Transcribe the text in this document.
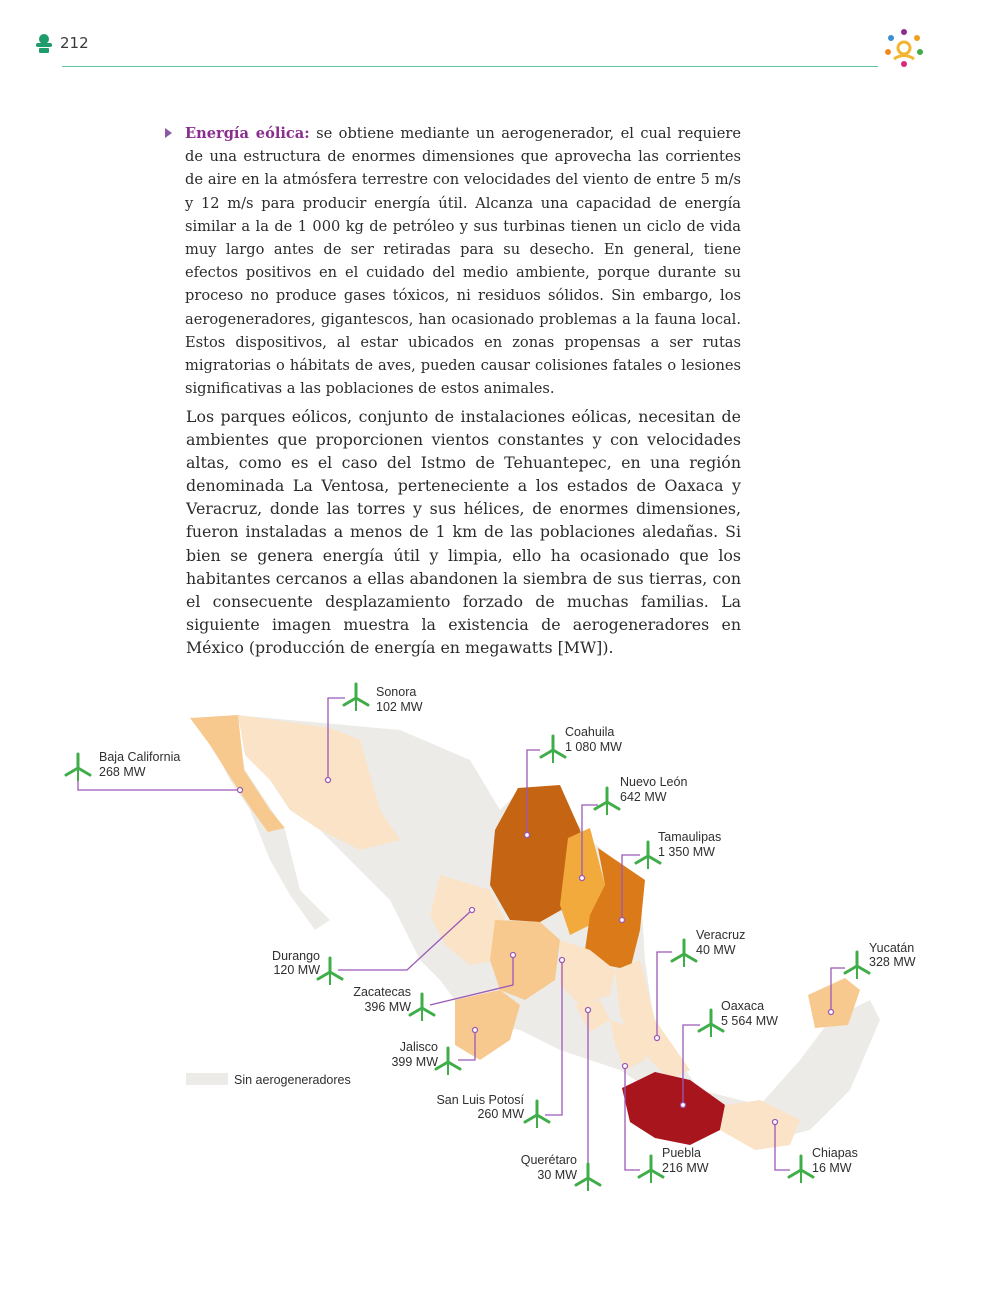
212

Energía eólica: se obtiene mediante un aerogenerador, el cual requiere de una estructura de enormes dimensiones que aprovecha las corrientes de aire en la atmósfera terrestre con velocidades del viento de entre 5 m/s y 12 m/s para producir energía útil. Alcanza una capacidad de energía similar a la de 1 000 kg de petróleo y sus turbinas tienen un ciclo de vida muy largo antes de ser retiradas para su desecho. En general, tiene efectos positivos en el cuidado del medio ambiente, porque durante su proceso no produce gases tóxicos, ni residuos sólidos. Sin embargo, los aerogeneradores, gigantescos, han ocasionado problemas a la fauna local. Estos dispositivos, al estar ubicados en zonas propensas a ser rutas migratorias o hábitats de aves, pueden causar colisiones fatales o lesiones significativas a las poblaciones de estos animales.

Los parques eólicos, conjunto de instalaciones eólicas, necesitan de ambientes que proporcionen vientos constantes y con velocidades altas, como es el caso del Istmo de Tehuantepec, en una región denominada La Ventosa, perteneciente a los estados de Oaxaca y Veracruz, donde las torres y sus hélices, de enormes dimensiones, fueron instaladas a menos de 1 km de las poblaciones aledañas. Si bien se genera energía útil y limpia, ello ha ocasionado que los habitantes cercanos a ellas abandonen la siembra de sus tierras, con el consecuente desplazamiento forzado de muchas familias. La siguiente imagen muestra la existencia de aerogeneradores en México (producción de energía en megawatts [MW]).

Sin aerogeneradores
Sonora
102 MW
Baja California
268 MW
Coahuila
1 080 MW
Nuevo León
642 MW
Tamaulipas
1 350 MW
Durango
120 MW
Zacatecas
396 MW
Jalisco
399 MW
San Luis Potosí
260 MW
Querétaro
30 MW
Veracruz
40 MW	Yucatán
328 MW
Oaxaca
5 564 MW
Puebla
216 MW
Chiapas
16 MW
